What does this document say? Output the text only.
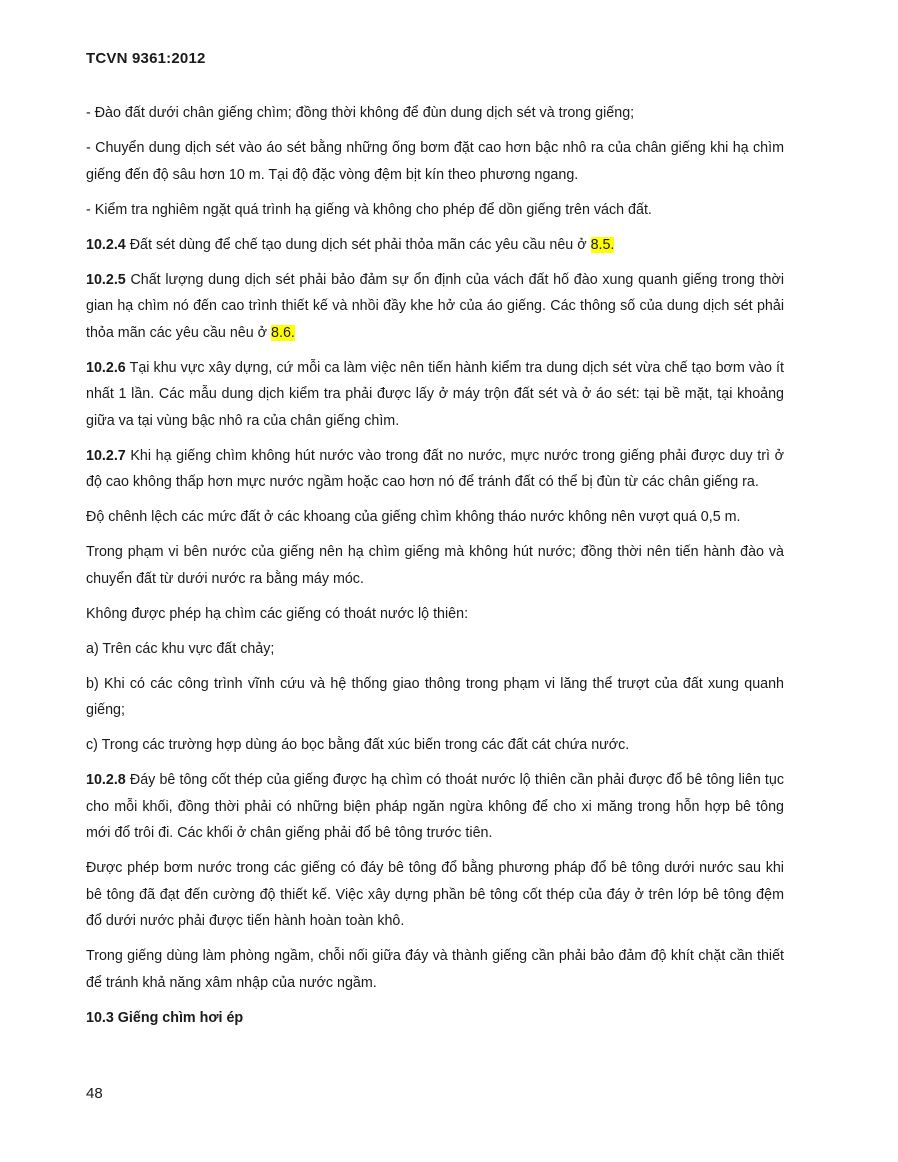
TCVN 9361:2012

- Đào đất dưới chân giếng chìm; đồng thời không để đùn dung dịch sét và trong giếng;

- Chuyển dung dịch sét vào áo sét bằng những ống bơm đặt cao hơn bậc nhô ra của chân giếng khi hạ chìm giếng đến độ sâu hơn 10 m. Tại độ đặc vòng đệm bịt kín theo phương ngang.

- Kiểm tra nghiêm ngặt quá trình hạ giếng và không cho phép để dồn giếng trên vách đất.

10.2.4 Đất sét dùng để chế tạo dung dịch sét phải thỏa mãn các yêu cầu nêu ở 8.5.

10.2.5 Chất lượng dung dịch sét phải bảo đảm sự ổn định của vách đất hố đào xung quanh giếng trong thời gian hạ chìm nó đến cao trình thiết kế và nhồi đầy khe hở của áo giếng. Các thông số của dung dịch sét phải thỏa mãn các yêu cầu nêu ở 8.6.

10.2.6 Tại khu vực xây dựng, cứ mỗi ca làm việc nên tiến hành kiểm tra dung dịch sét vừa chế tạo bơm vào ít nhất 1 lần. Các mẫu dung dịch kiểm tra phải được lấy ở máy trộn đất sét và ở áo sét: tại bề mặt, tại khoảng giữa va tại vùng bậc nhô ra của chân giếng chìm.

10.2.7 Khi hạ giếng chìm không hút nước vào trong đất no nước, mực nước trong giếng phải được duy trì ở độ cao không thấp hơn mực nước ngầm hoặc cao hơn nó để tránh đất có thể bị đùn từ các chân giếng ra.

Độ chênh lệch các mức đất ở các khoang của giếng chìm không tháo nước không nên vượt quá 0,5 m.

Trong phạm vi bên nước của giếng nên hạ chìm giếng mà không hút nước; đồng thời nên tiến hành đào và chuyển đất từ dưới nước ra bằng máy móc.

Không được phép hạ chìm các giếng có thoát nước lộ thiên:

a) Trên các khu vực đất chảy;

b) Khi có các công trình vĩnh cứu và hệ thống giao thông trong phạm vi lăng thể trượt của đất xung quanh giếng;

c) Trong các trường hợp dùng áo bọc bằng đất xúc biến trong các đất cát chứa nước.

10.2.8 Đáy bê tông cốt thép của giếng được hạ chìm có thoát nước lộ thiên cần phải được đổ bê tông liên tục cho mỗi khối, đồng thời phải có những biện pháp ngăn ngừa không để cho xi măng trong hỗn hợp bê tông mới đổ trôi đi. Các khối ở chân giếng phải đổ bê tông trước tiên.

Được phép bơm nước trong các giếng có đáy bê tông đổ bằng phương pháp đổ bê tông dưới nước sau khi bê tông đã đạt đến cường độ thiết kế. Việc xây dựng phần bê tông cốt thép của đáy ở trên lớp bê tông đệm đổ dưới nước phải được tiến hành hoàn toàn khô.

Trong giếng dùng làm phòng ngầm, chỗi nối giữa đáy và thành giếng cần phải bảo đảm độ khít chặt cần thiết để tránh khả năng xâm nhập của nước ngầm.

10.3 Giếng chìm hơi ép

48
